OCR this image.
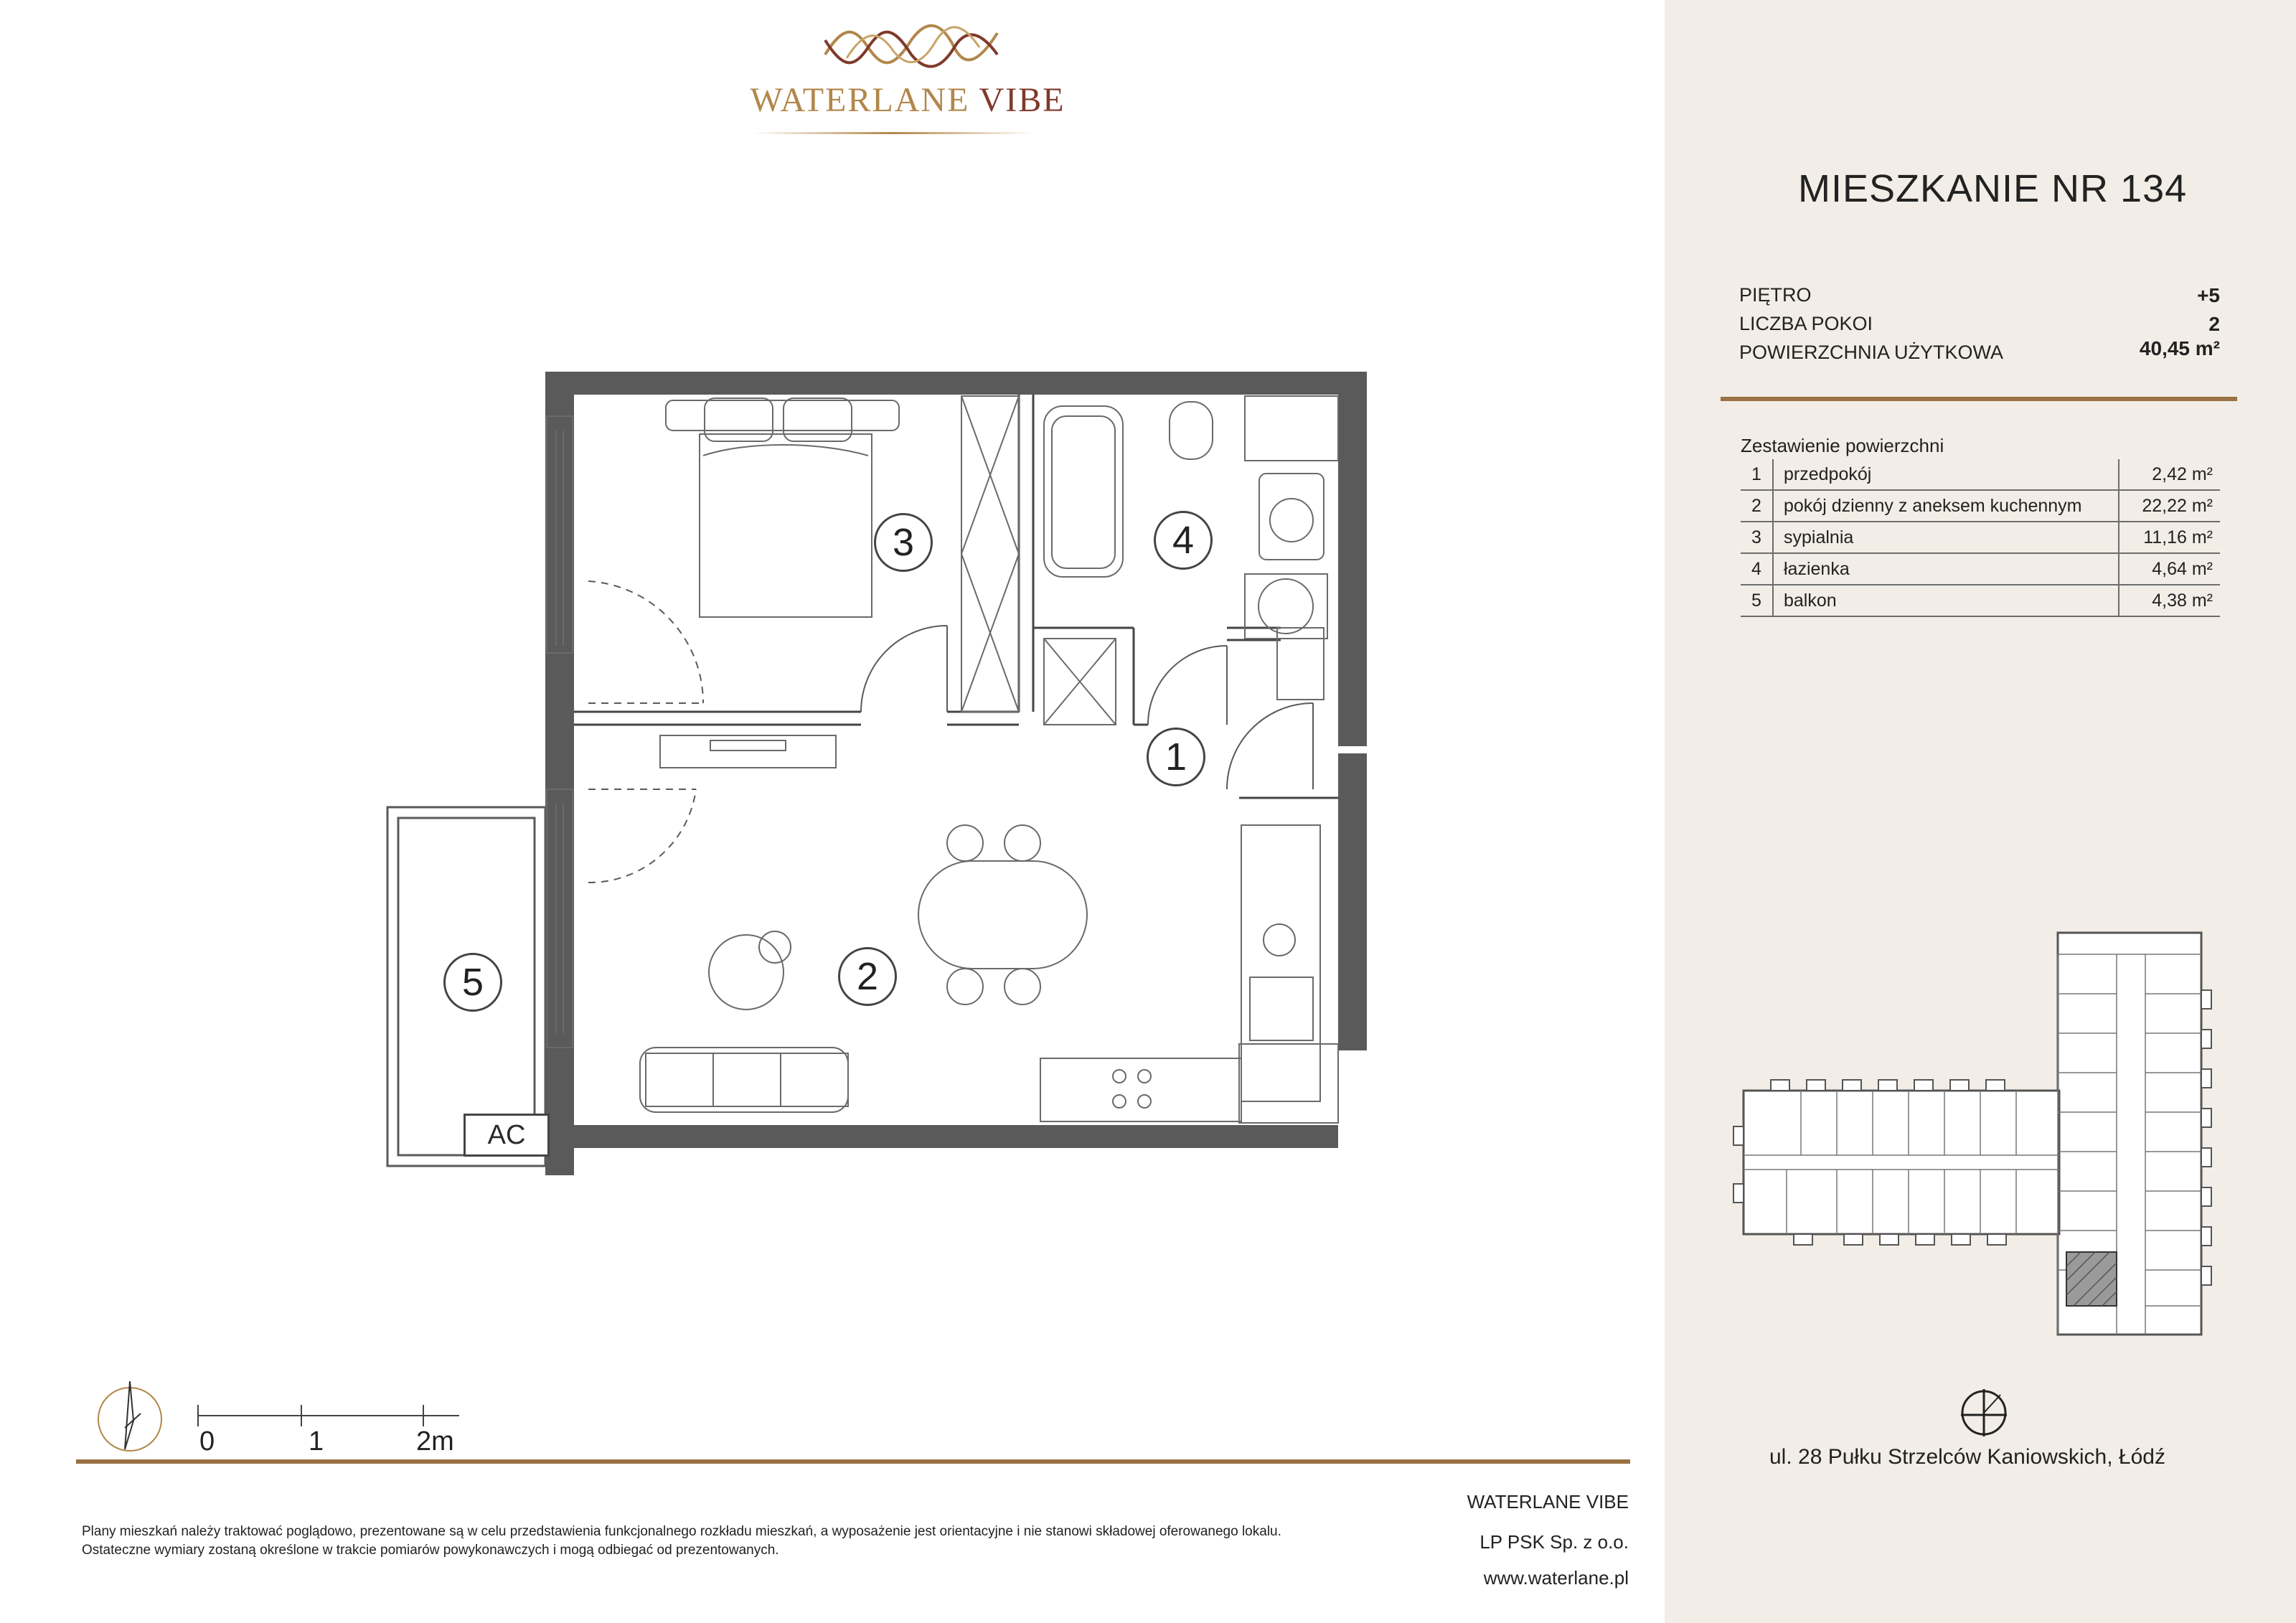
WATERLANE VIBE
3	4
1
2
5
AC
0	1	2m
Plany mieszkań należy traktować poglądowo, prezentowane są w celu przedstawienia funkcjonalnego rozkładu mieszkań, a wyposażenie jest orientacyjne i nie stanowi składowej oferowanego lokalu.
Ostateczne wymiary zostaną określone w trakcie pomiarów powykonawczych i mogą odbiegać od prezentowanych.
WATERLANE VIBE
LP PSK Sp. z o.o.
www.waterlane.pl
MIESZKANIE NR 134
PIĘTRO	+5
LICZBA POKOI	2
POWIERZCHNIA UŻYTKOWA	40,45 m²
Zestawienie powierzchni
1	przedpokój	2,42 m²
2	pokój dzienny z aneksem kuchennym	22,22 m²
3	sypialnia	11,16 m²
4	łazienka	4,64 m²
5	balkon	4,38 m²
ul. 28 Pułku Strzelców Kaniowskich, Łódź
